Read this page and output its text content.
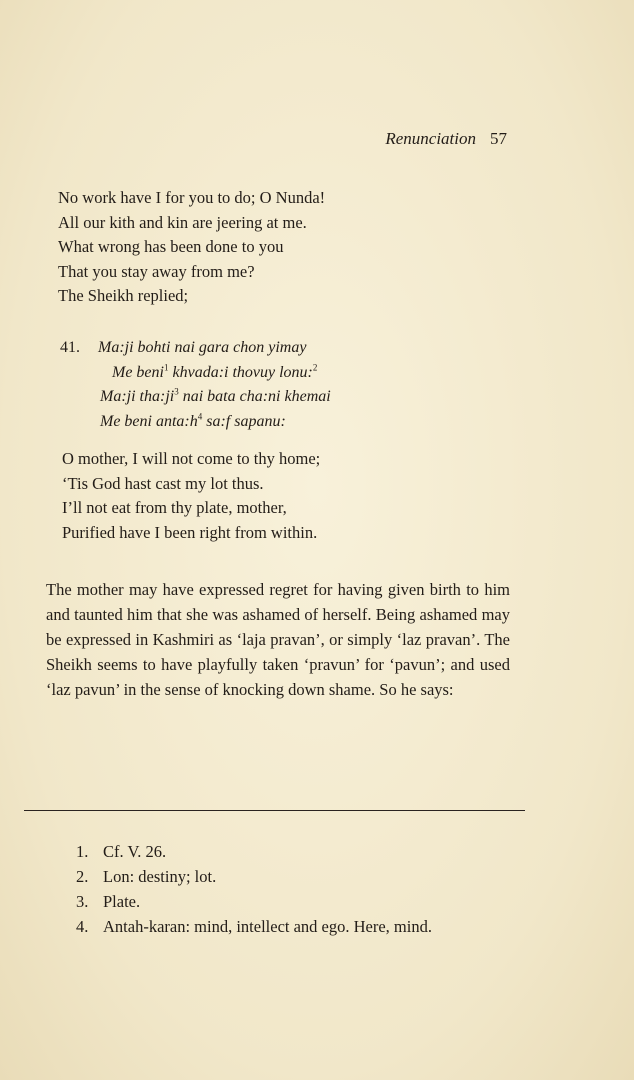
Renunciation 57
No work have I for you to do; O Nunda!
All our kith and kin are jeering at me.
What wrong has been done to you
That you stay away from me?
The Sheikh replied;
41.	Ma:ji bohti nai gara chon yimay
Me beni$^1$ khvada:i thovuy lonu:$^2$
Ma:ji $tha:ji^3$ nai bata cha:ni khemai
Me beni $anta:h^4$ sa:f sapanu:
O mother, I will not come to thy home;
‘Tis God hast cast my lot thus.
I’ll not eat from thy plate, mother,
Purified have I been right from within.

The mother may have expressed regret for having given birth to him and taunted him that she was ashamed of herself. Being ashamed may be expressed in Kashmiri as ‘laja pravan’, or simply ‘laz pravan’. The Sheikh seems to have playfully taken ‘pravun’ for ‘pavun’; and used ‘laz pavun’ in the sense of knocking down shame. So he says:

1. Cf. V. 26.
2. Lon: destiny; lot.
3. Plate.
4. Antah-karan: mind, intellect and ego. Here, mind.
